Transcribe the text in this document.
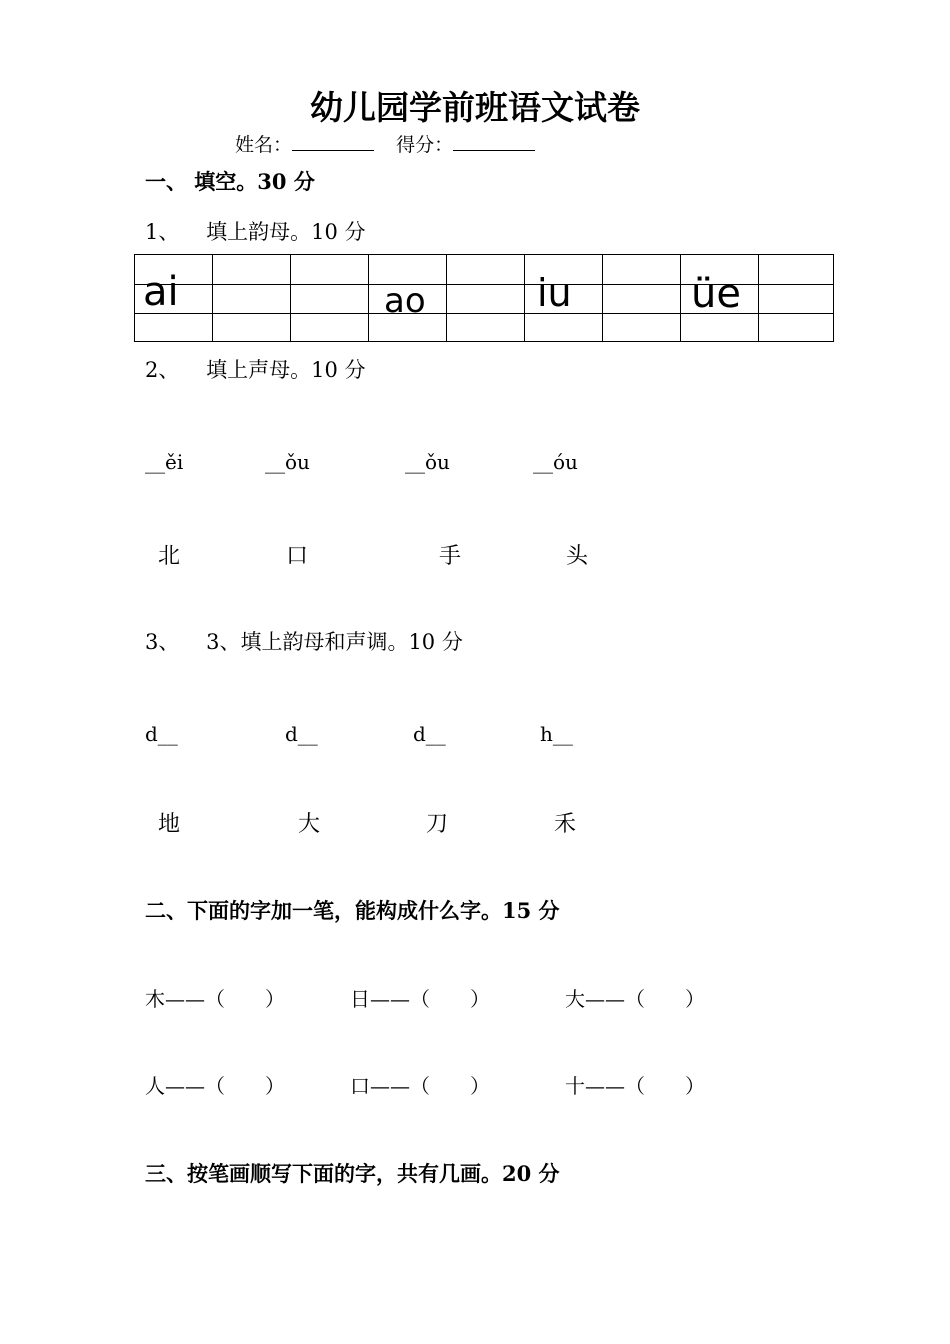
幼儿园学前班语文试卷
姓名：	得分：
一、 填空。30 分
1、 填上韵母。10 分
ai	ao	iu	üe
2、 填上声母。10 分
__ěi	__ǒu	__ǒu	__óu
北	口	手	头
3、 3、填上韵母和声调。10 分
d__	d__	d__	h__
地	大	刀	禾
二、下面的字加一笔，能构成什么字。15 分
木——（　　）	日——（　　）	大——（　　）
人——（　　）	口——（　　）	十——（　　）
三、按笔画顺写下面的字，共有几画。20 分
